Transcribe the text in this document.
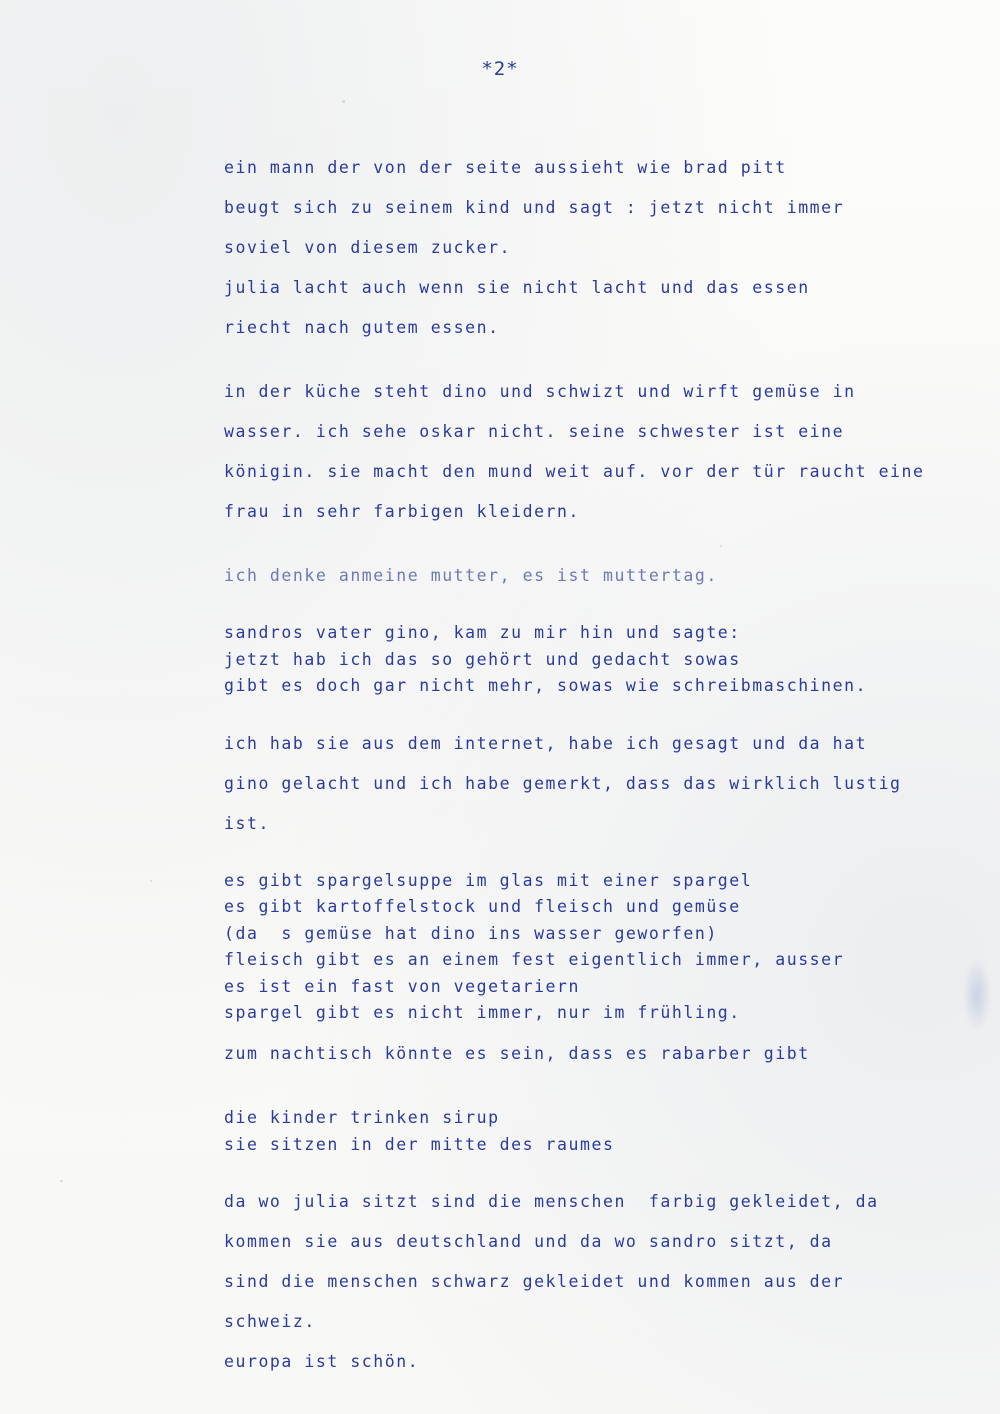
*2*
ein mann der von der seite aussieht wie brad pitt
beugt sich zu seinem kind und sagt : jetzt nicht immer
soviel von diesem zucker.
julia lacht auch wenn sie nicht lacht und das essen
riecht nach gutem essen.
in der küche steht dino und schwizt und wirft gemüse in
wasser. ich sehe oskar nicht. seine schwester ist eine
königin. sie macht den mund weit auf. vor der tür raucht eine
frau in sehr farbigen kleidern.
ich denke anmeine mutter, es ist muttertag.
sandros vater gino, kam zu mir hin und sagte:
jetzt hab ich das so gehört und gedacht sowas
gibt es doch gar nicht mehr, sowas wie schreibmaschinen.
ich hab sie aus dem internet, habe ich gesagt und da hat
gino gelacht und ich habe gemerkt, dass das wirklich lustig
ist.
es gibt spargelsuppe im glas mit einer spargel
es gibt kartoffelstock und fleisch und gemüse
(da  s gemüse hat dino ins wasser geworfen)
fleisch gibt es an einem fest eigentlich immer, ausser
es ist ein fast von vegetariern
spargel gibt es nicht immer, nur im frühling.
zum nachtisch könnte es sein, dass es rabarber gibt
die kinder trinken sirup
sie sitzen in der mitte des raumes
da wo julia sitzt sind die menschen  farbig gekleidet, da
kommen sie aus deutschland und da wo sandro sitzt, da
sind die menschen schwarz gekleidet und kommen aus der
schweiz.
europa ist schön.
